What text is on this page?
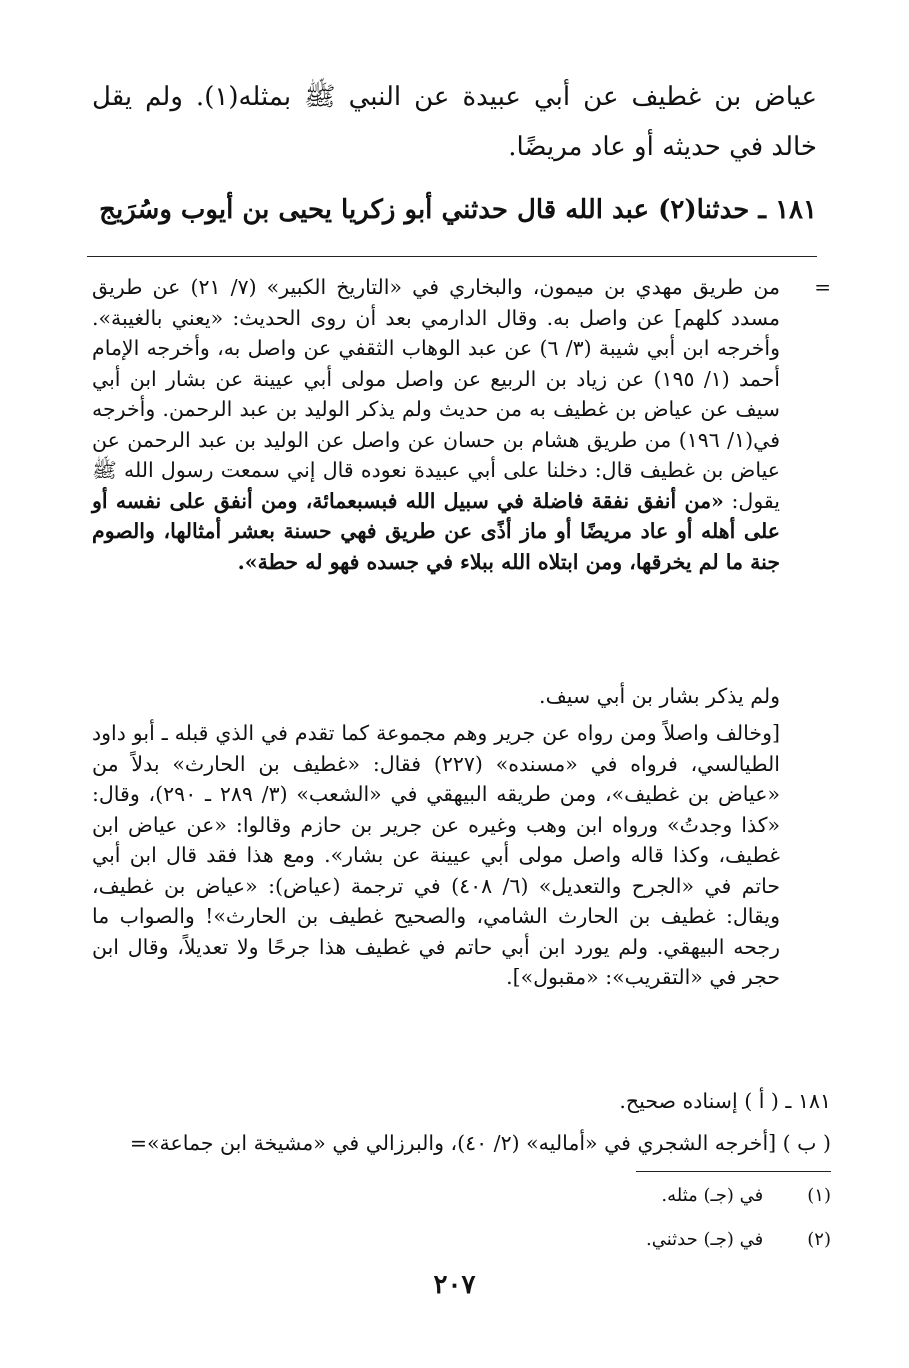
عياض بن غطيف عن أبي عبيدة عن النبي ﷺ بمثله(١). ولم يقل خالد في حديثه أو عاد مريضًا.
١٨١ ـ حدثنا(٢) عبد الله قال حدثني أبو زكريا يحيى بن أيوب وسُرَيج
=
من طريق مهدي بن ميمون، والبخاري في «التاريخ الكبير» (٧/ ٢١) عن طريق مسدد كلهم] عن واصل به. وقال الدارمي بعد أن روى الحديث: «يعني بالغيبة». وأخرجه ابن أبي شيبة (٣/ ٦) عن عبد الوهاب الثقفي عن واصل به، وأخرجه الإمام أحمد (١/ ١٩٥) عن زياد بن الربيع عن واصل مولى أبي عيينة عن بشار ابن أبي سيف عن عياض بن غطيف به من حديث ولم يذكر الوليد بن عبد الرحمن. وأخرجه في(١/ ١٩٦) من طريق هشام بن حسان عن واصل عن الوليد بن عبد الرحمن عن عياض بن غطيف قال: دخلنا على أبي عبيدة نعوده قال إني سمعت رسول الله ﷺ يقول: «من أنفق نفقة فاضلة في سبيل الله فبسبعمائة، ومن أنفق على نفسه أو على أهله أو عاد مريضًا أو ماز أذًى عن طريق فهي حسنة بعشر أمثالها، والصوم جنة ما لم يخرقها، ومن ابتلاه الله ببلاء في جسده فهو له حطة».
ولم يذكر بشار بن أبي سيف.
[وخالف واصلاً ومن رواه عن جرير وهم مجموعة كما تقدم في الذي قبله ـ أبو داود الطيالسي، فرواه في «مسنده» (٢٢٧) فقال: «غطيف بن الحارث» بدلاً من «عياض بن غطيف»، ومن طريقه البيهقي في «الشعب» (٣/ ٢٨٩ ـ ٢٩٠)، وقال: «كذا وجدتُ» ورواه ابن وهب وغيره عن جرير بن حازم وقالوا: «عن عياض ابن غطيف، وكذا قاله واصل مولى أبي عيينة عن بشار». ومع هذا فقد قال ابن أبي حاتم في «الجرح والتعديل» (٦/ ٤٠٨) في ترجمة (عياض): «عياض بن غطيف، ويقال: غطيف بن الحارث الشامي، والصحيح غطيف بن الحارث»! والصواب ما رجحه البيهقي. ولم يورد ابن أبي حاتم في غطيف هذا جرحًا ولا تعديلاً، وقال ابن حجر في «التقريب»: «مقبول»].
١٨١ ـ ( أ ) إسناده صحيح.
( ب ) [أخرجه الشجري في «أماليه» (٢/ ٤٠)، والبرزالي في «مشيخة ابن جماعة»=
(١) في (جـ) مثله.
(٢) في (جـ) حدثني.
٢٠٧
